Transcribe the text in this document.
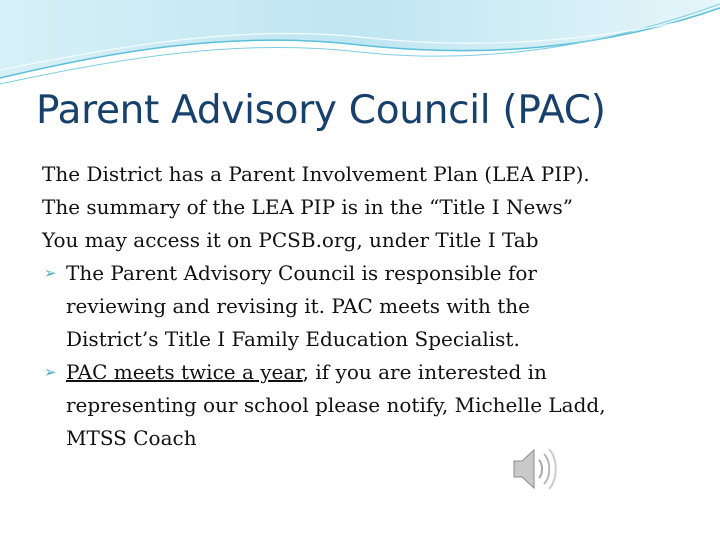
Parent Advisory Council (PAC)
The District has a Parent Involvement Plan (LEA PIP).
The summary of the LEA PIP is in the “Title I News”
You may access it on PCSB.org, under Title I Tab
➢ The Parent Advisory Council is responsible for
reviewing and revising it. PAC meets with the
District’s Title I Family Education Specialist.
➢ PAC meets twice a year, if you are interested in
representing our school please notify, Michelle Ladd,
MTSS Coach
